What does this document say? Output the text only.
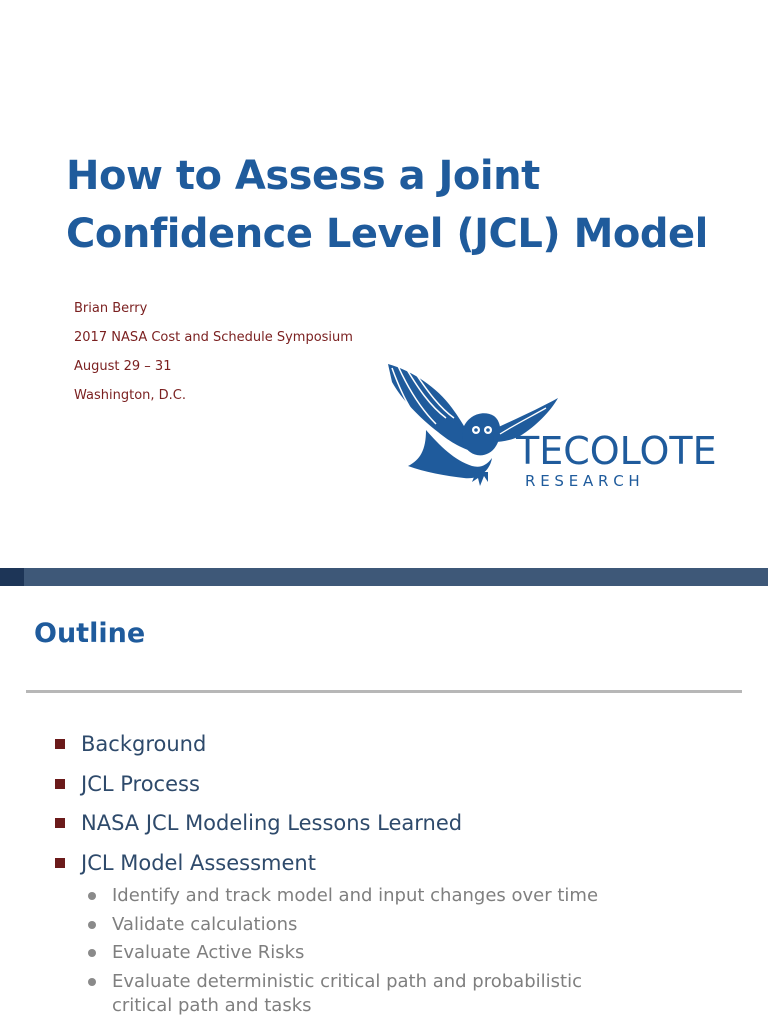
How to Assess a Joint
Confidence Level (JCL) Model
Brian Berry
2017 NASA Cost and Schedule Symposium
August 29 – 31
Washington, D.C.
TECOLOTE
R E S E A R C H
Outline
Background
JCL Process
NASA JCL Modeling Lessons Learned
JCL Model Assessment
Identify and track model and input changes over time
Validate calculations
Evaluate Active Risks
Evaluate deterministic critical path and probabilistic critical path and tasks
